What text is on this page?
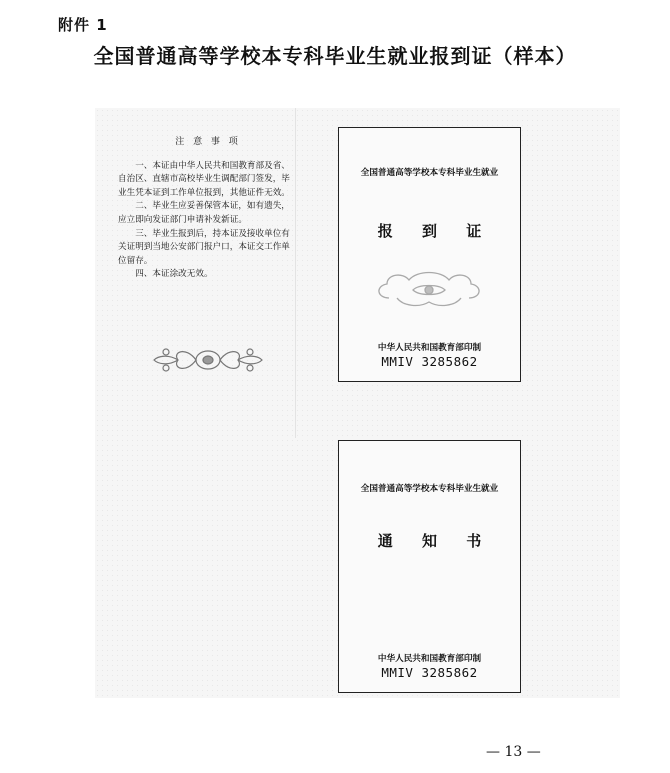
附件 1
全国普通高等学校本专科毕业生就业报到证（样本）
注 意 事 项

一、本证由中华人民共和国教育部及省、自治区、直辖市高校毕业生调配部门签发，毕业生凭本证到工作单位报到，其他证件无效。

二、毕业生应妥善保管本证，如有遗失，应立即向发证部门申请补发新证。

三、毕业生报到后，持本证及接收单位有关证明到当地公安部门报户口，本证交工作单位留存。

四、本证涂改无效。

全国普通高等学校本专科毕业生就业
报 到 证
中华人民共和国教育部印制
MMIV 3285862
全国普通高等学校本专科毕业生就业
通 知 书
中华人民共和国教育部印制
MMIV 3285862
— 13 —
